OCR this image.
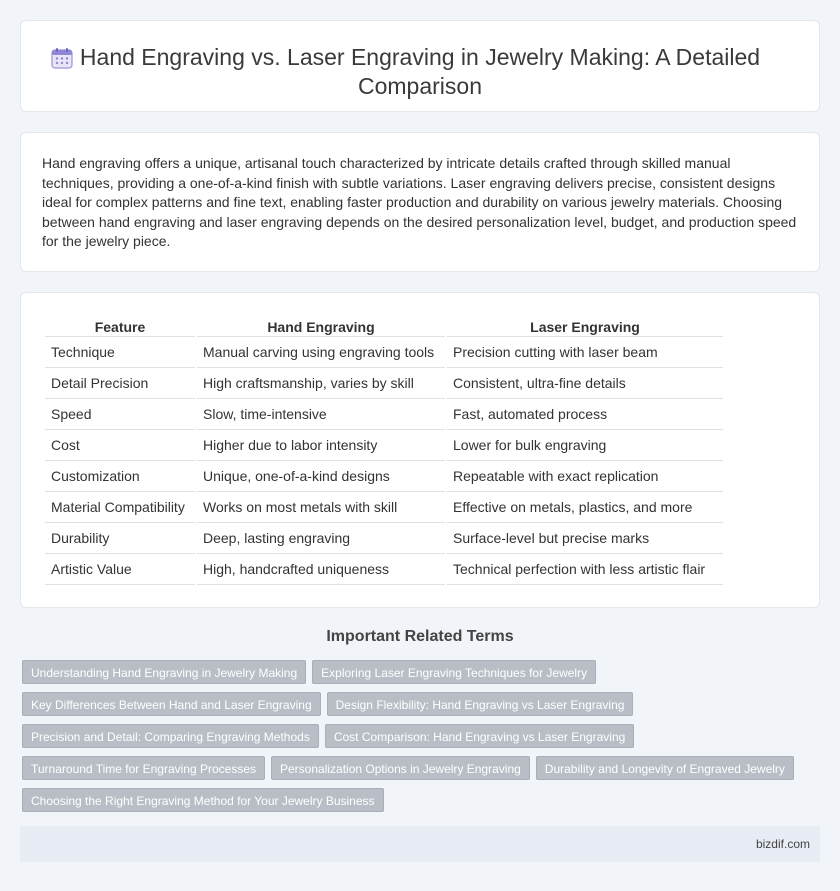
Hand Engraving vs. Laser Engraving in Jewelry Making: A Detailed Comparison

Hand engraving offers a unique, artisanal touch characterized by intricate details crafted through skilled manual techniques, providing a one-of-a-kind finish with subtle variations. Laser engraving delivers precise, consistent designs ideal for complex patterns and fine text, enabling faster production and durability on various jewelry materials. Choosing between hand engraving and laser engraving depends on the desired personalization level, budget, and production speed for the jewelry piece.

Feature	Hand Engraving	Laser Engraving
Technique	Manual carving using engraving tools	Precision cutting with laser beam
Detail Precision	High craftsmanship, varies by skill	Consistent, ultra-fine details
Speed	Slow, time-intensive	Fast, automated process
Cost	Higher due to labor intensity	Lower for bulk engraving
Customization	Unique, one-of-a-kind designs	Repeatable with exact replication
Material Compatibility	Works on most metals with skill	Effective on metals, plastics, and more
Durability	Deep, lasting engraving	Surface-level but precise marks
Artistic Value	High, handcrafted uniqueness	Technical perfection with less artistic flair
Important Related Terms
Understanding Hand Engraving in Jewelry Making	Exploring Laser Engraving Techniques for Jewelry
Key Differences Between Hand and Laser Engraving	Design Flexibility: Hand Engraving vs Laser Engraving
Precision and Detail: Comparing Engraving Methods	Cost Comparison: Hand Engraving vs Laser Engraving
Turnaround Time for Engraving Processes	Personalization Options in Jewelry Engraving	Durability and Longevity of Engraved Jewelry
Choosing the Right Engraving Method for Your Jewelry Business
bizdif.com
